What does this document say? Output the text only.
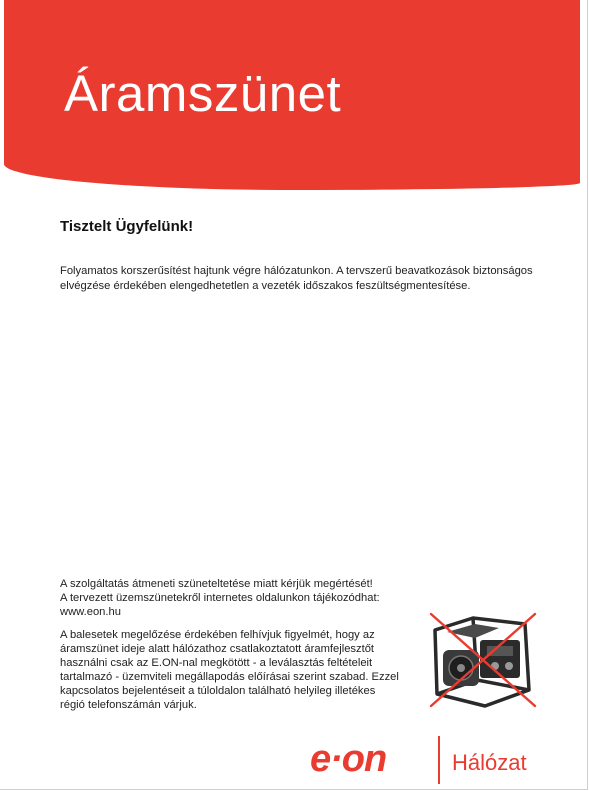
Áramszünet
Tisztelt Ügyfelünk!

Folyamatos korszerűsítést hajtunk végre hálózatunkon. A tervszerű beavatkozások biztonságos elvégzése érdekében elengedhetetlen a vezeték időszakos feszültségmentesítése.

A szolgáltatás átmeneti szüneteltetése miatt kérjük megértését!
A tervezett üzemszünetekről internetes oldalunkon tájékozódhat:
www.eon.hu

A balesetek megelőzése érdekében felhívjuk figyelmét, hogy az áramszünet ideje alatt hálózathoz csatlakoztatott áramfejlesztőt használni csak az E.ON-nal megkötött - a leválasztás feltételeit tartalmazó - üzemviteli megállapodás előírásai szerint szabad. Ezzel kapcsolatos bejelentéseit a túloldalon található helyileg illetékes régió telefonszámán várjuk.

e·on	Hálózat
